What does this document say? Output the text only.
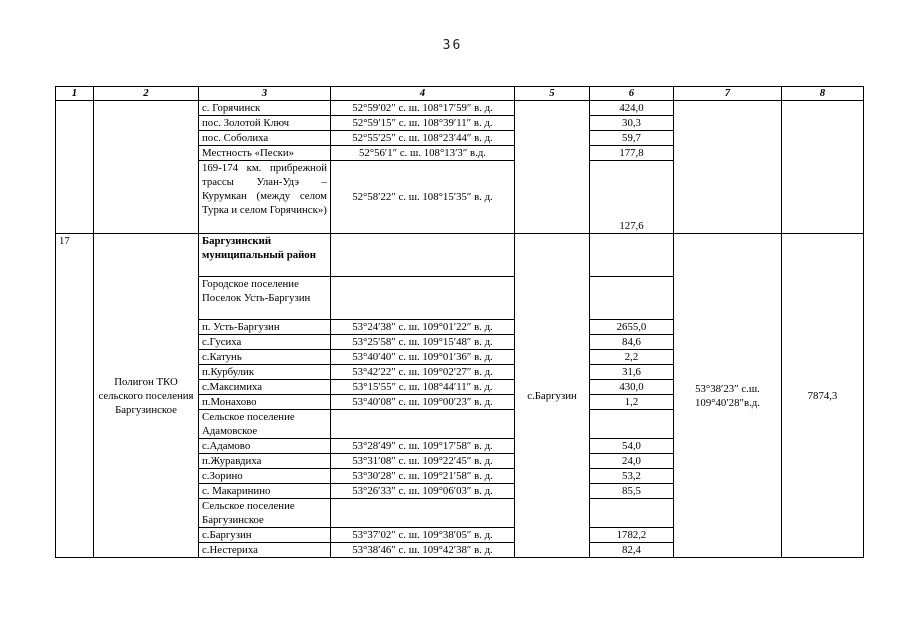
36
1	2	3	4	5	6	7	8
		с. Горячинск	52°59′02″ с. ш. 108°17′59″ в. д.		424,0		
		пос. Золотой Ключ	52°59′15″ с. ш. 108°39′11″ в. д.		30,3		
		пос. Соболиха	52°55′25″ с. ш. 108°23′44″ в. д.		59,7		
		Местность «Пески»	52°56′1″ с. ш. 108°13′3″ в.д.		177,8		
		169-174 км. прибрежной трассы Улан-Удэ – Курумкан (между селом Турка и селом Горячинск»)	52°58′22″ с. ш. 108°15′35″ в. д.		127,6		
17	Полигон ТКО сельского поселения Баргузинское	Баргузинский муниципальный район		с.Баргузин		53°38′23″ с.ш. 109°40′28″в.д.	7874,3
		Городское поселение Поселок Усть-Баргузин					
		п. Усть-Баргузин	53°24′38″ с. ш. 109°01′22″ в. д.		2655,0		
		с.Гусиха	53°25′58″ с. ш. 109°15′48″ в. д.		84,6		
		с.Катунь	53°40′40″ с. ш. 109°01′36″ в. д.		2,2		
		п.Курбулик	53°42′22″ с. ш. 109°02′27″ в. д.		31,6		
		с.Максимиха	53°15′55″ с. ш. 108°44′11″ в. д.		430,0		
		п.Монахово	53°40′08″ с. ш. 109°00′23″ в. д.		1,2		
		Сельское поселение Адамовское					
		с.Адамово	53°28′49″ с. ш. 109°17′58″ в. д.		54,0		
		п.Журавдиха	53°31′08″ с. ш. 109°22′45″ в. д.		24,0		
		с.Зорино	53°30′28″ с. ш. 109°21′58″ в. д.		53,2		
		с. Макаринино	53°26′33″ с. ш. 109°06′03″ в. д.		85,5		
		Сельское поселение Баргузинское					
		с.Баргузин	53°37′02″ с. ш. 109°38′05″ в. д.		1782,2		
		с.Нестериха	53°38′46″ с. ш. 109°42′38″ в. д.		82,4		
